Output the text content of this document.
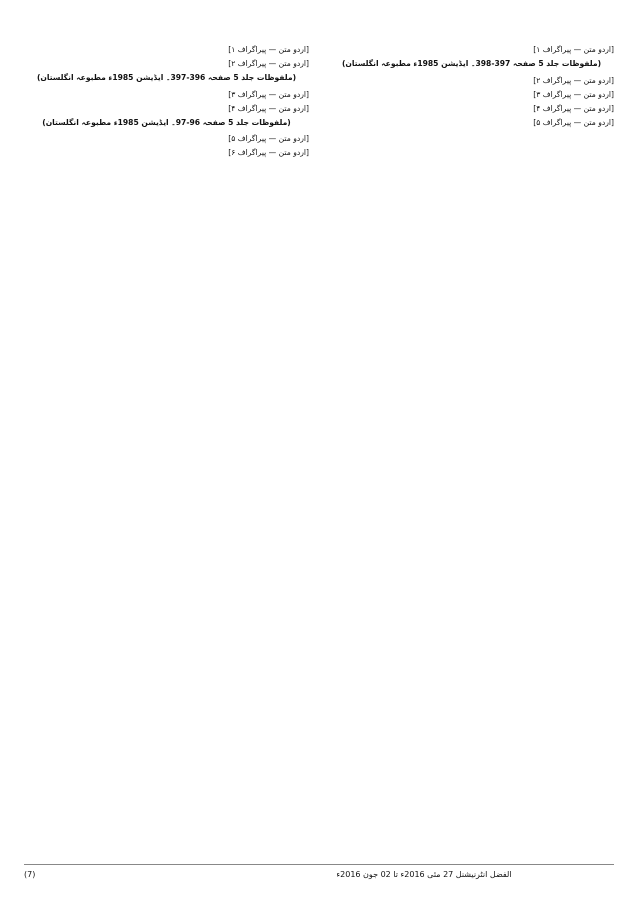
[اردو متن — پیراگراف ۱]

[اردو متن — پیراگراف ۲]

(ملفوظات جلد 5 صفحہ 396-397۔ ایڈیشن 1985ء مطبوعہ انگلستان)

[اردو متن — پیراگراف ۳]

[اردو متن — پیراگراف ۴]

(ملفوظات جلد 5 صفحہ 96-97۔ ایڈیشن 1985ء مطبوعہ انگلستان)

[اردو متن — پیراگراف ۵]

[اردو متن — پیراگراف ۶]

[اردو متن — پیراگراف ۱]

(ملفوظات جلد 5 صفحہ 397-398۔ ایڈیشن 1985ء مطبوعہ انگلستان)

[اردو متن — پیراگراف ۲]

[اردو متن — پیراگراف ۳]

[اردو متن — پیراگراف ۴]

[اردو متن — پیراگراف ۵]

(7)	الفضل انٹرنیشنل 27 مئی 2016ء تا 02 جون 2016ء
